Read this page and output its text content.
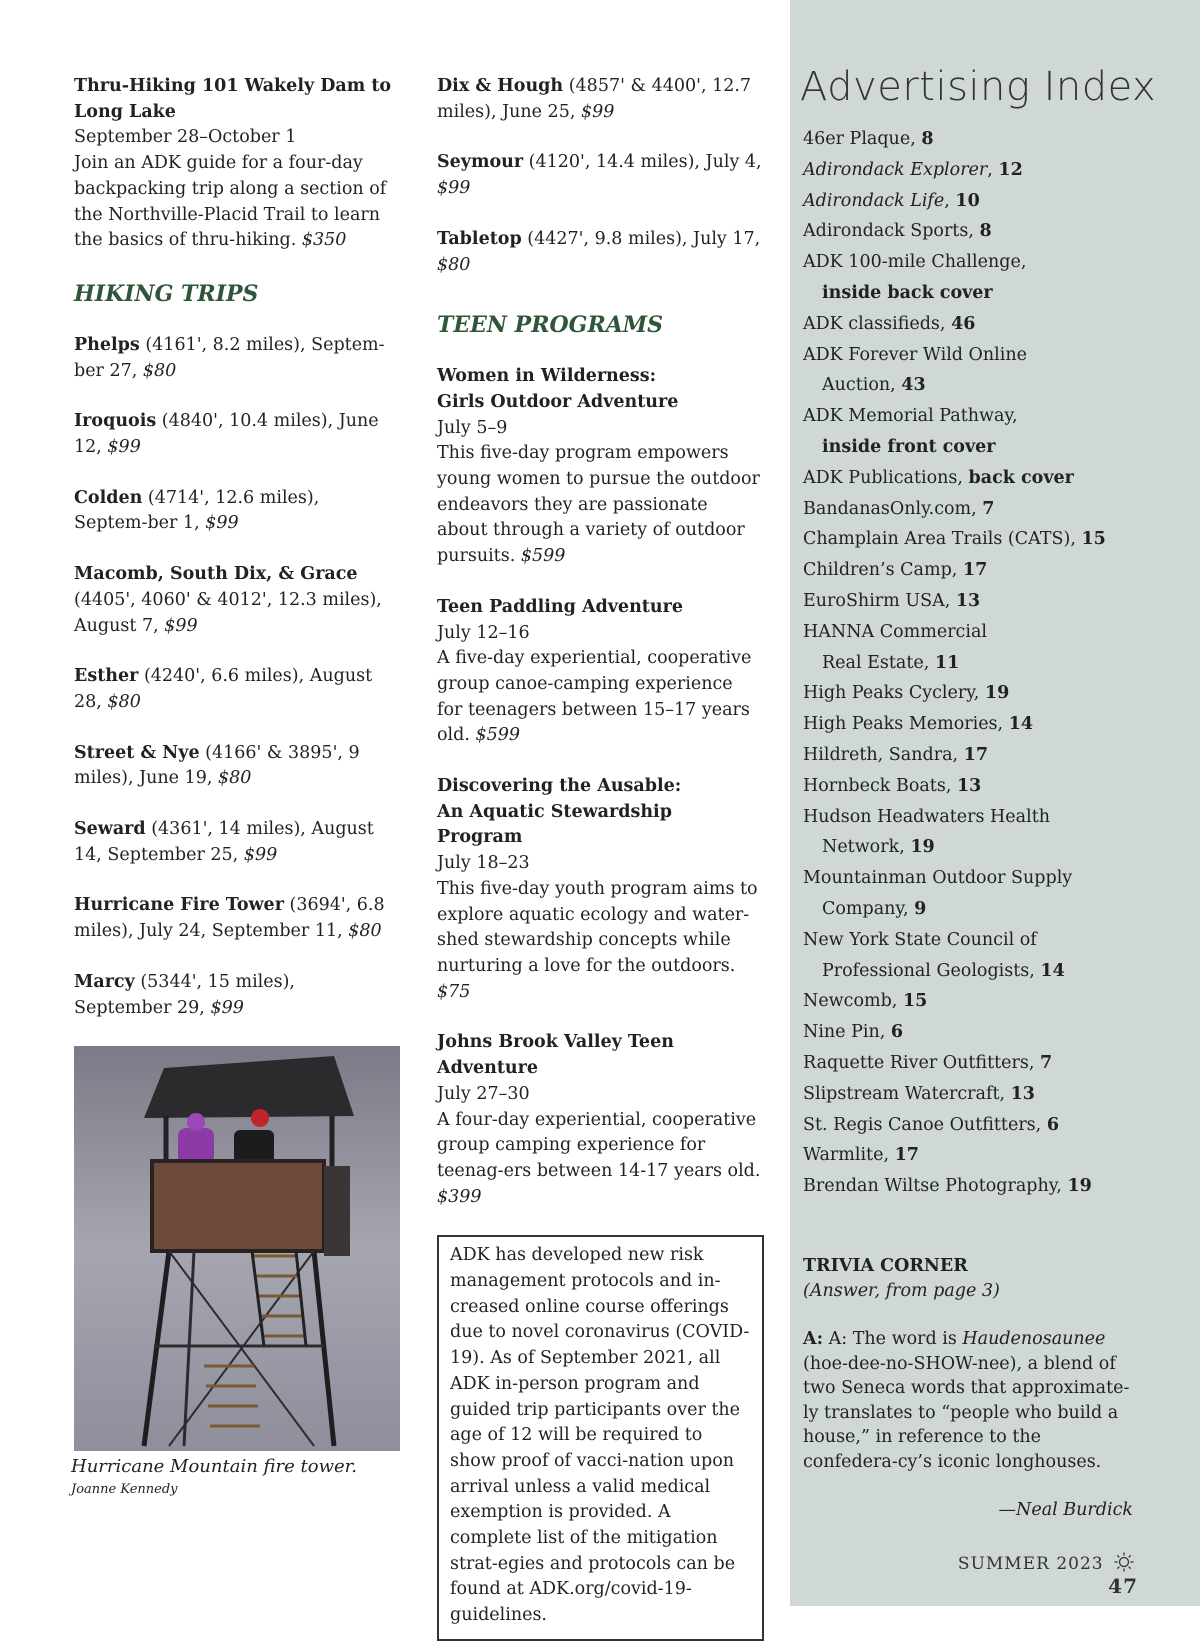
Thru-Hiking 101 Wakely Dam to Long Lake

September 28–October 1

Join an ADK guide for a four-day backpacking trip along a section of the Northville-Placid Trail to learn the basics of thru-hiking. $350

HIKING TRIPS

Phelps (4161', 8.2 miles), Septem-ber 27, $80

Iroquois (4840', 10.4 miles), June 12, $99

Colden (4714', 12.6 miles), Septem-ber 1, $99

Macomb, South Dix, & Grace (4405', 4060' & 4012', 12.3 miles), August 7, $99

Esther (4240', 6.6 miles), August 28, $80

Street & Nye (4166' & 3895', 9 miles), June 19, $80

Seward (4361', 14 miles), August 14, September 25, $99

Hurricane Fire Tower (3694', 6.8 miles), July 24, September 11, $80

Marcy (5344', 15 miles), September 29, $99

Hurricane Mountain fire tower.
Joanne Kennedy

Dix & Hough (4857' & 4400', 12.7 miles), June 25, $99

Seymour (4120', 14.4 miles), July 4, $99

Tabletop (4427', 9.8 miles), July 17, $80

TEEN PROGRAMS

Women in Wilderness:

Girls Outdoor Adventure

July 5–9

This five-day program empowers young women to pursue the outdoor endeavors they are passionate about through a variety of outdoor pursuits. $599

Teen Paddling Adventure

July 12–16

A five-day experiential, cooperative group canoe-camping experience for teenagers between 15–17 years old. $599

Discovering the Ausable:

An Aquatic Stewardship Program

July 18–23

This five-day youth program aims to explore aquatic ecology and water-shed stewardship concepts while nurturing a love for the outdoors. $75

Johns Brook Valley Teen Adventure

July 27–30

A four-day experiential, cooperative group camping experience for teenag-ers between 14-17 years old. $399

ADK has developed new risk management protocols and in-creased online course offerings due to novel coronavirus (COVID-19). As of September 2021, all ADK in-person program and guided trip participants over the age of 12 will be required to show proof of vacci-nation upon arrival unless a valid medical exemption is provided. A complete list of the mitigation strat-egies and protocols can be found at ADK.org/covid-19-guidelines.
Advertising Index

46er Plaque, 8

Adirondack Explorer, 12

Adirondack Life, 10

Adirondack Sports, 8

ADK 100-mile Challenge,

inside back cover

ADK classifieds, 46

ADK Forever Wild Online

Auction, 43

ADK Memorial Pathway,

inside front cover

ADK Publications, back cover

BandanasOnly.com, 7

Champlain Area Trails (CATS), 15

Children’s Camp, 17

EuroShirm USA, 13

HANNA Commercial

Real Estate, 11

High Peaks Cyclery, 19

High Peaks Memories, 14

Hildreth, Sandra, 17

Hornbeck Boats, 13

Hudson Headwaters Health

Network, 19

Mountainman Outdoor Supply

Company, 9

New York State Council of

Professional Geologists, 14

Newcomb, 15

Nine Pin, 6

Raquette River Outfitters, 7

Slipstream Watercraft, 13

St. Regis Canoe Outfitters, 6

Warmlite, 17

Brendan Wiltse Photography, 19

TRIVIA CORNER
(Answer, from page 3)
A: A: The word is Haudenosaunee (hoe-dee-no-SHOW-nee), a blend of two Seneca words that approximate-ly translates to “people who build a house,” in reference to the confedera-cy’s iconic longhouses.
—Neal Burdick
SUMMER 2023  47
